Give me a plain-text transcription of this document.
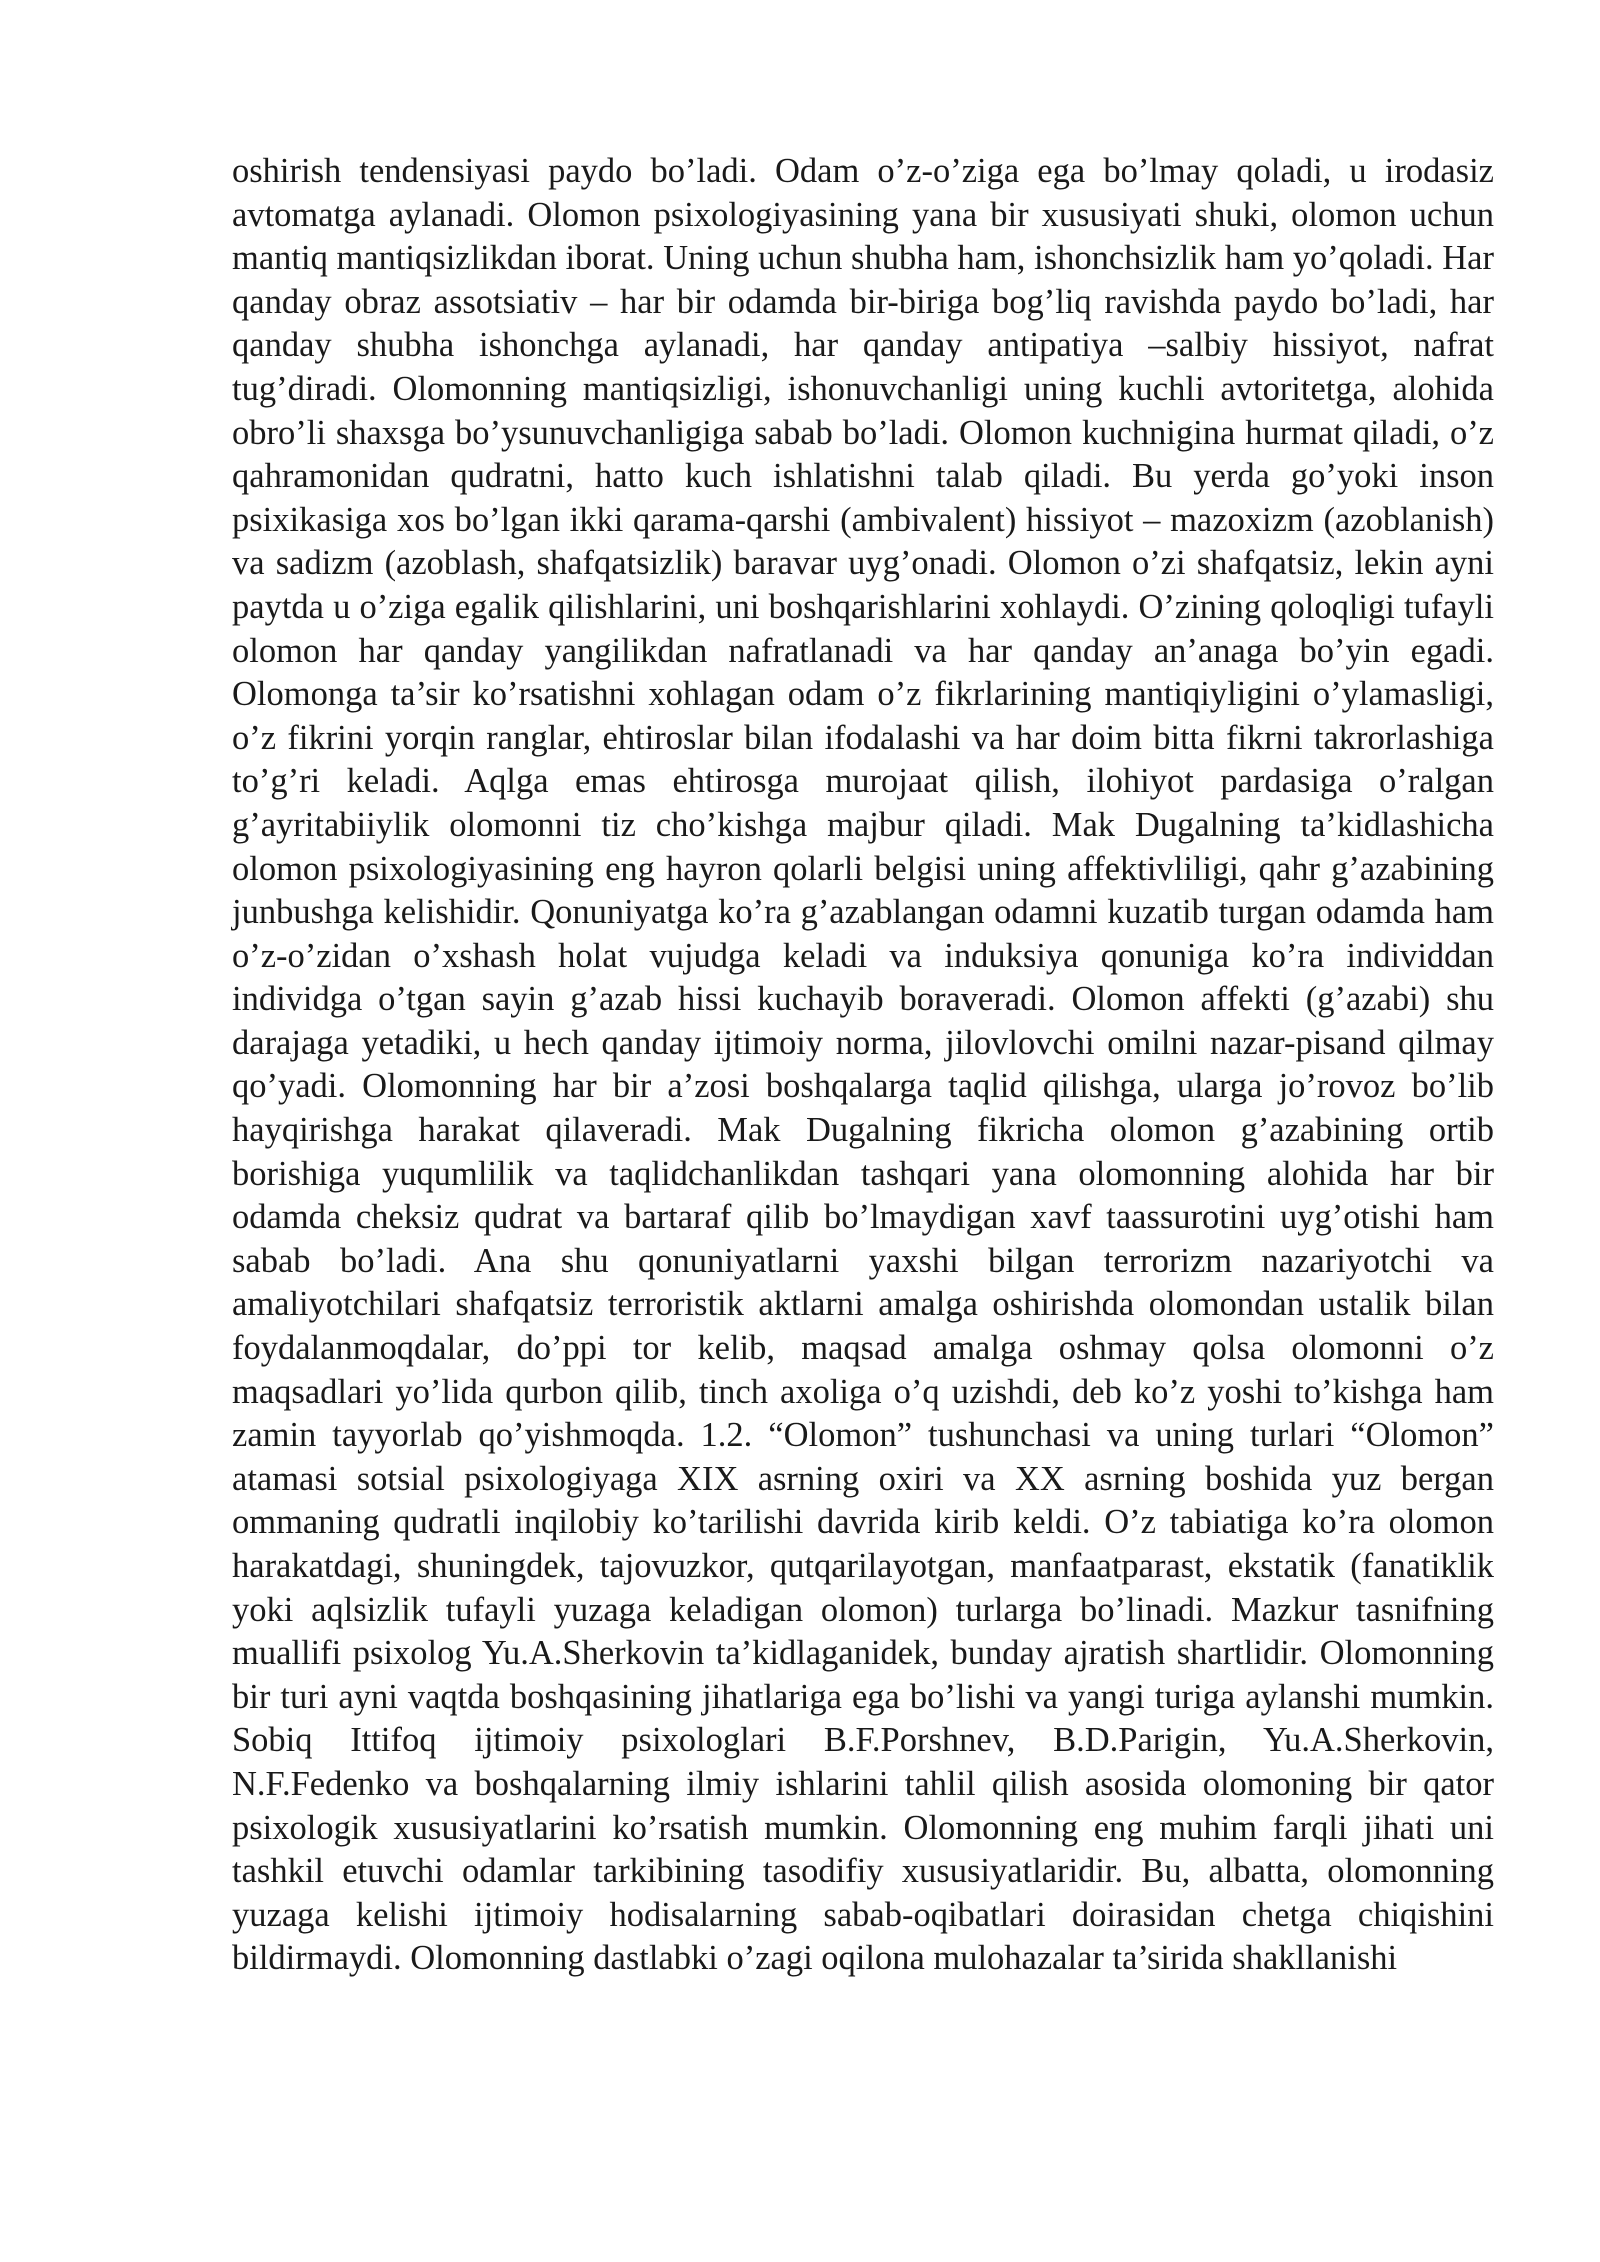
oshirish tendensiyasi paydo bo’ladi. Odam o’z-o’ziga ega bo’lmay qoladi, u irodasiz avtomatga aylanadi. Olomon psixologiyasining yana bir xususiyati shuki, olomon uchun mantiq mantiqsizlikdan iborat. Uning uchun shubha ham, ishonchsizlik ham yo’qoladi. Har qanday obraz assotsiativ – har bir odamda bir-biriga bog’liq ravishda paydo bo’ladi, har qanday shubha ishonchga aylanadi, har qanday antipatiya –salbiy hissiyot, nafrat tug’diradi. Olomonning mantiqsizligi, ishonuvchanligi uning kuchli avtoritetga, alohida obro’li shaxsga bo’ysunuvchanligiga sabab bo’ladi. Olomon kuchnigina hurmat qiladi, o’z qahramonidan qudratni, hatto kuch ishlatishni talab qiladi. Bu yerda go’yoki inson psixikasiga xos bo’lgan ikki qarama-qarshi (ambivalent) hissiyot – mazoxizm (azoblanish) va sadizm (azoblash, shafqatsizlik) baravar uyg’onadi. Olomon o’zi shafqatsiz, lekin ayni paytda u o’ziga egalik qilishlarini, uni boshqarishlarini xohlaydi. O’zining qoloqligi tufayli olomon har qanday yangilikdan nafratlanadi va har qanday an’anaga bo’yin egadi. Olomonga ta’sir ko’rsatishni xohlagan odam o’z fikrlarining mantiqiyligini o’ylamasligi, o’z fikrini yorqin ranglar, ehtiroslar bilan ifodalashi va har doim bitta fikrni takrorlashiga to’g’ri keladi. Aqlga emas ehtirosga murojaat qilish, ilohiyot pardasiga o’ralgan g’ayritabiiylik olomonni tiz cho’kishga majbur qiladi. Mak Dugalning ta’kidlashicha olomon psixologiyasining eng hayron qolarli belgisi uning affektivliligi, qahr g’azabining junbushga kelishidir. Qonuniyatga ko’ra g’azablangan odamni kuzatib turgan odamda ham o’z-o’zidan o’xshash holat vujudga keladi va induksiya qonuniga ko’ra individdan individga o’tgan sayin g’azab hissi kuchayib boraveradi. Olomon affekti (g’azabi) shu darajaga yetadiki, u hech qanday ijtimoiy norma, jilovlovchi omilni nazar-pisand qilmay qo’yadi. Olomonning har bir a’zosi boshqalarga taqlid qilishga, ularga jo’rovoz bo’lib hayqirishga harakat qilaveradi. Mak Dugalning fikricha olomon g’azabining ortib borishiga yuqumlilik va taqlidchanlikdan tashqari yana olomonning alohida har bir odamda cheksiz qudrat va bartaraf qilib bo’lmaydigan xavf taassurotini uyg’otishi ham sabab bo’ladi. Ana shu qonuniyatlarni yaxshi bilgan terrorizm nazariyotchi va amaliyotchilari shafqatsiz terroristik aktlarni amalga oshirishda olomondan ustalik bilan foydalanmoqdalar, do’ppi tor kelib, maqsad amalga oshmay qolsa olomonni o’z maqsadlari yo’lida qurbon qilib, tinch axoliga o’q uzishdi, deb ko’z yoshi to’kishga ham zamin tayyorlab qo’yishmoqda. 1.2. “Olomon” tushunchasi va uning turlari “Olomon” atamasi sotsial psixologiyaga XIX asrning oxiri va XX asrning boshida yuz bergan ommaning qudratli inqilobiy ko’tarilishi davrida kirib keldi. O’z tabiatiga ko’ra olomon harakatdagi, shuningdek, tajovuzkor, qutqarilayotgan, manfaatparast, ekstatik (fanatiklik yoki aqlsizlik tufayli yuzaga keladigan olomon) turlarga bo’linadi. Mazkur tasnifning muallifi psixolog Yu.A.Sherkovin ta’kidlaganidek, bunday ajratish shartlidir. Olomonning bir turi ayni vaqtda boshqasining jihatlariga ega bo’lishi va yangi turiga aylanshi mumkin. Sobiq Ittifoq ijtimoiy psixologlari B.F.Porshnev, B.D.Parigin, Yu.A.Sherkovin, N.F.Fedenko va boshqalarning ilmiy ishlarini tahlil qilish asosida olomoning bir qator psixologik xususiyatlarini ko’rsatish mumkin. Olomonning eng muhim farqli jihati uni tashkil etuvchi odamlar tarkibining tasodifiy xususiyatlaridir. Bu, albatta, olomonning yuzaga kelishi ijtimoiy hodisalarning sabab-oqibatlari doirasidan chetga chiqishini bildirmaydi. Olomonning dastlabki o’zagi oqilona mulohazalar ta’sirida shakllanishi
